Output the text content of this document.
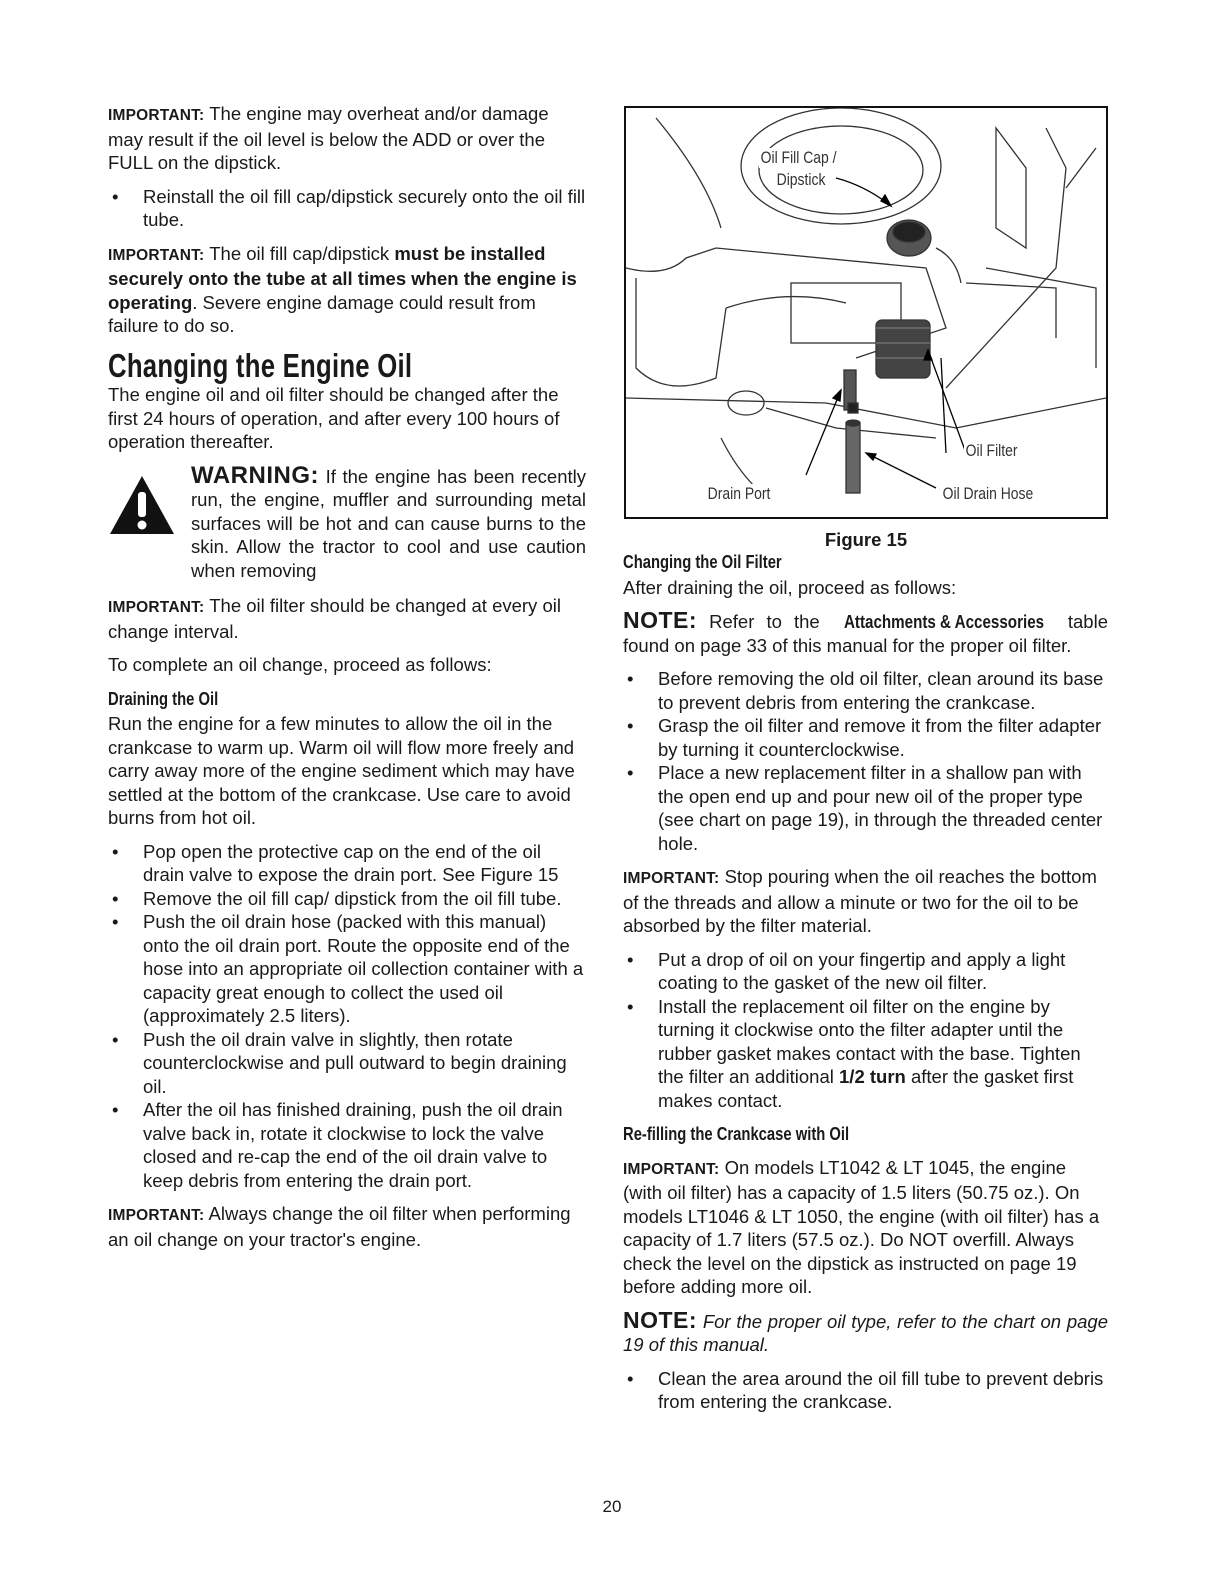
IMPORTANT: The engine may overheat and/or damage may result if the oil level is below the ADD or over the FULL on the dipstick.

• Reinstall the oil fill cap/dipstick securely onto the oil fill tube.

IMPORTANT: The oil fill cap/dipstick must be installed securely onto the tube at all times when the engine is operating. Severe engine damage could result from failure to do so.

Changing the Engine Oil

The engine oil and oil filter should be changed after the first 24 hours of operation, and after every 100 hours of operation thereafter.

WARNING: If the engine has been recently run, the engine, muffler and surrounding metal surfaces will be hot and can cause burns to the skin. Allow the tractor to cool and use caution when removing

IMPORTANT: The oil filter should be changed at every oil change interval.

To complete an oil change, proceed as follows:

Draining the Oil

Run the engine for a few minutes to allow the oil in the crankcase to warm up. Warm oil will flow more freely and carry away more of the engine sediment which may have settled at the bottom of the crankcase. Use care to avoid burns from hot oil.

• Pop open the protective cap on the end of the oil drain valve to expose the drain port. See Figure 15
• Remove the oil fill cap/ dipstick from the oil fill tube.
• Push the oil drain hose (packed with this manual) onto the oil drain port. Route the opposite end of the hose into an appropriate oil collection container with a capacity great enough to collect the used oil (approximately 2.5 liters).
• Push the oil drain valve in slightly, then rotate counterclockwise and pull outward to begin draining oil.
• After the oil has finished draining, push the oil drain valve back in, rotate it clockwise to lock the valve closed and re-cap the end of the oil drain valve to keep debris from entering the drain port.

IMPORTANT: Always change the oil filter when performing an oil change on your tractor's engine.

Oil Fill Cap /
Dipstick
Oil Filter
Drain Port	Oil Drain Hose
Figure 15
Changing the Oil Filter

After draining the oil, proceed as follows:

NOTE: Refer to the Attachments & Accessories table found on page 33 of this manual for the proper oil filter.

• Before removing the old oil filter, clean around its base to prevent debris from entering the crankcase.
• Grasp the oil filter and remove it from the filter adapter by turning it counterclockwise.
• Place a new replacement filter in a shallow pan with the open end up and pour new oil of the proper type (see chart on page 19), in through the threaded center hole.

IMPORTANT: Stop pouring when the oil reaches the bottom of the threads and allow a minute or two for the oil to be absorbed by the filter material.

• Put a drop of oil on your fingertip and apply a light coating to the gasket of the new oil filter.
• Install the replacement oil filter on the engine by turning it clockwise onto the filter adapter until the rubber gasket makes contact with the base. Tighten the filter an additional 1/2 turn after the gasket first makes contact.
Re-filling the Crankcase with Oil

IMPORTANT: On models LT1042 & LT 1045, the engine (with oil filter) has a capacity of 1.5 liters (50.75 oz.). On models LT1046 & LT 1050, the engine (with oil filter) has a capacity of 1.7 liters (57.5 oz.). Do NOT overfill. Always check the level on the dipstick as instructed on page 19 before adding more oil.

NOTE: For the proper oil type, refer to the chart on page 19 of this manual.

• Clean the area around the oil fill tube to prevent debris from entering the crankcase.
20
